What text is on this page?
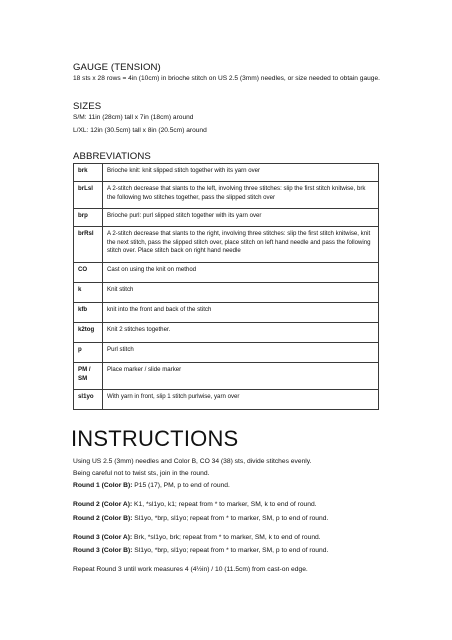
GAUGE (TENSION)
18 sts x 28 rows = 4in (10cm) in brioche stitch on US 2.5 (3mm) needles, or size needed to obtain gauge.
SIZES
S/M: 11in (28cm) tall x 7in (18cm) around
L/XL: 12in (30.5cm) tall x 8in (20.5cm) around
ABBREVIATIONS
brk	Brioche knit: knit slipped stitch together with its yarn over
brLsl	A 2-stitch decrease that slants to the left, involving three stitches: slip the first stitch knitwise, brk the following two stitches together, pass the slipped stitch over
brp	Brioche purl: purl slipped stitch together with its yarn over
brRsl	A 2-stitch decrease that slants to the right, involving three stitches: slip the first stitch knitwise, knit the next stitch, pass the slipped stitch over, place stitch on left hand needle and pass the following stitch over. Place stitch back on right hand needle
CO	Cast on using the knit on method
k	Knit stitch
kfb	knit into the front and back of the stitch
k2tog	Knit 2 stitches together.
p	Purl stitch
PM / SM	Place marker / slide marker
sl1yo	With yarn in front, slip 1 stitch purlwise, yarn over
INSTRUCTIONS
Using US 2.5 (3mm) needles and Color B, CO 34 (38) sts, divide stitches evenly.
Being careful not to twist sts, join in the round.
Round 1 (Color B): P15 (17), PM, p to end of round.
Round 2 (Color A): K1, *sl1yo, k1; repeat from * to marker, SM, k to end of round.
Round 2 (Color B): Sl1yo, *brp, sl1yo; repeat from * to marker, SM, p to end of round.
Round 3 (Color A): Brk, *sl1yo, brk; repeat from * to marker, SM, k to end of round.
Round 3 (Color B): Sl1yo, *brp, sl1yo; repeat from * to marker, SM, p to end of round.
Repeat Round 3 until work measures 4 (4½in) / 10 (11.5cm) from cast-on edge.
